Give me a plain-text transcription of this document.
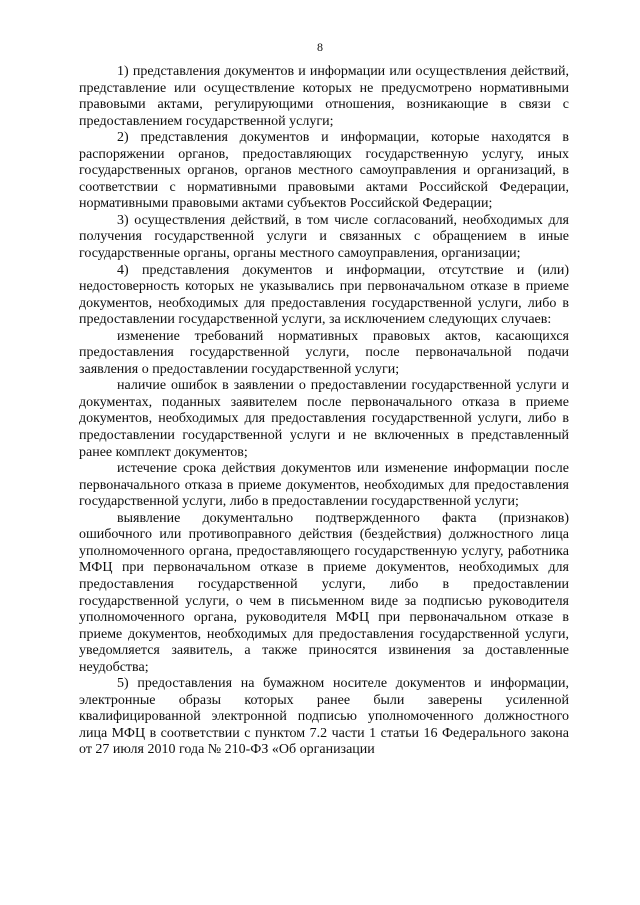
8

1) представления документов и информации или осуществления действий, представление или осуществление которых не предусмотрено нормативными правовыми актами, регулирующими отношения, возникающие в связи с предоставлением государственной услуги;

2) представления документов и информации, которые находятся в распоряжении органов, предоставляющих государственную услугу, иных государственных органов, органов местного самоуправления и организаций, в соответствии с нормативными правовыми актами Российской Федерации, нормативными правовыми актами субъектов Российской Федерации;

3) осуществления действий, в том числе согласований, необходимых для получения государственной услуги и связанных с обращением в иные государственные органы, органы местного самоуправления, организации;

4) представления документов и информации, отсутствие и (или) недостоверность которых не указывались при первоначальном отказе в приеме документов, необходимых для предоставления государственной услуги, либо в предоставлении государственной услуги, за исключением следующих случаев:

изменение требований нормативных правовых актов, касающихся предоставления государственной услуги, после первоначальной подачи заявления о предоставлении государственной услуги;

наличие ошибок в заявлении о предоставлении государственной услуги и документах, поданных заявителем после первоначального отказа в приеме документов, необходимых для предоставления государственной услуги, либо в предоставлении государственной услуги и не включенных в представленный ранее комплект документов;

истечение срока действия документов или изменение информации после первоначального отказа в приеме документов, необходимых для предоставления государственной услуги, либо в предоставлении государственной услуги;

выявление документально подтвержденного факта (признаков) ошибочного или противоправного действия (бездействия) должностного лица уполномоченного органа, предоставляющего государственную услугу, работника МФЦ при первоначальном отказе в приеме документов, необходимых для предоставления государственной услуги, либо в предоставлении государственной услуги, о чем в письменном виде за подписью руководителя уполномоченного органа, руководителя МФЦ при первоначальном отказе в приеме документов, необходимых для предоставления государственной услуги, уведомляется заявитель, а также приносятся извинения за доставленные неудобства;

5) предоставления на бумажном носителе документов и информации, электронные образы которых ранее были заверены усиленной квалифицированной электронной подписью уполномоченного должностного лица МФЦ в соответствии с пунктом 7.2 части 1 статьи 16 Федерального закона от 27 июля 2010 года № 210-ФЗ «Об организации
